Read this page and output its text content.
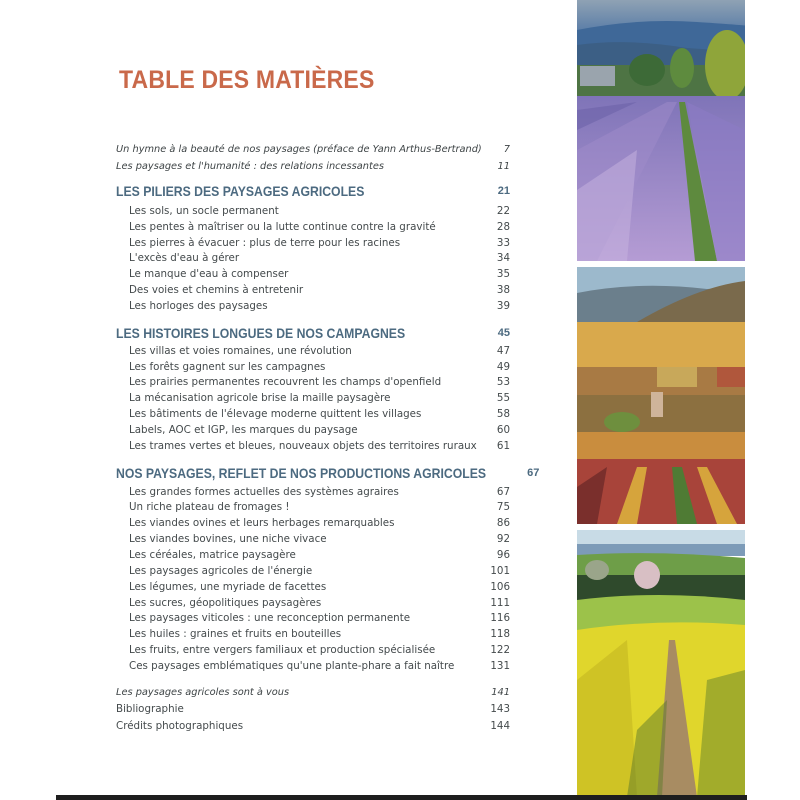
TABLE DES MATIÈRES
Un hymne à la beauté de nos paysages (préface de Yann Arthus-Bertrand) 7
Les paysages et l'humanité : des relations incessantes	11
LES PILIERS DES PAYSAGES AGRICOLES	21
Les sols, un socle permanent	22
Les pentes à maîtriser ou la lutte continue contre la gravité	28
Les pierres à évacuer : plus de terre pour les racines	33
L'excès d'eau à gérer	34
Le manque d'eau à compenser	35
Des voies et chemins à entretenir	38
Les horloges des paysages	39
LES HISTOIRES LONGUES DE NOS CAMPAGNES	45
Les villas et voies romaines, une révolution	47
Les forêts gagnent sur les campagnes	49
Les prairies permanentes recouvrent les champs d'openfield	53
La mécanisation agricole brise la maille paysagère	55
Les bâtiments de l'élevage moderne quittent les villages	58
Labels, AOC et IGP, les marques du paysage	60
Les trames vertes et bleues, nouveaux objets des territoires ruraux 61
NOS PAYSAGES, REFLET DE NOS PRODUCTIONS AGRICOLES	67
Les grandes formes actuelles des systèmes agraires	67
Un riche plateau de fromages !	75
Les viandes ovines et leurs herbages remarquables	86
Les viandes bovines, une niche vivace	92
Les céréales, matrice paysagère	96
Les paysages agricoles de l'énergie	101
Les légumes, une myriade de facettes	106
Les sucres, géopolitiques paysagères	111
Les paysages viticoles : une reconception permanente	116
Les huiles : graines et fruits en bouteilles	118
Les fruits, entre vergers familiaux et production spécialisée	122
Ces paysages emblématiques qu'une plante-phare a fait naître	131
Les paysages agricoles sont à vous	141
Bibliographie	143
Crédits photographiques	144
